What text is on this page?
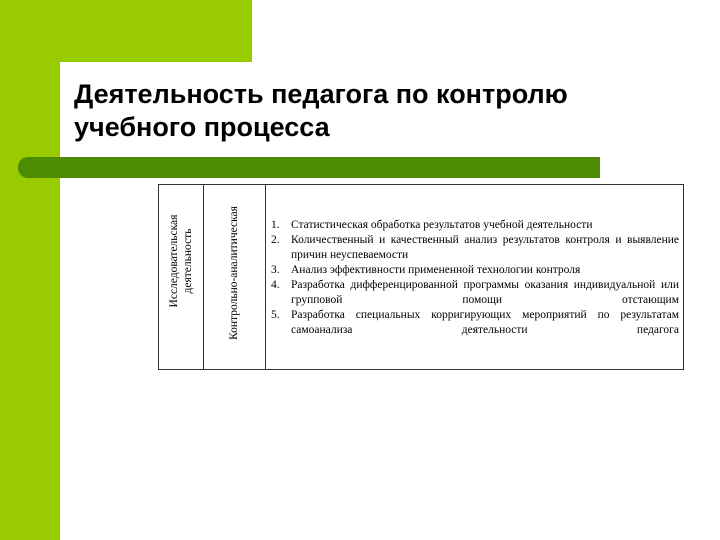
Деятельность педагога по контролю
учебного процесса
Исследовательская деятельность	Контрольно-аналитическая	1. Статистическая обработка результатов учебной деятельности
2. Количественный и качественный анализ результатов контроля и выявление причин неуспеваемости
3. Анализ эффективности примененной технологии контроля
4. Разработка дифференцированной программы оказания индивидуальной или групповой помощи отстающим
5. Разработка специальных корригирующих мероприятий по результатам самоанализа деятельности педагога
